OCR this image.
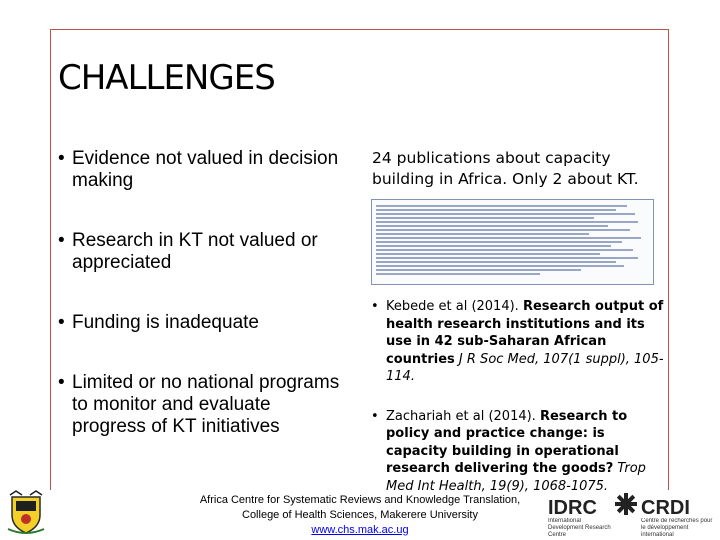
CHALLENGES
• Evidence not valued in decision making
• Research in KT not valued or appreciated
• Funding is inadequate
• Limited or no national programs to monitor and evaluate progress of KT initiatives
24 publications about capacity building in Africa. Only 2 about KT.
• Kebede et al (2014). Research output of health research institutions and its use in 42 sub-Saharan African countries J R Soc Med, 107(1 suppl), 105-114.
• Zachariah et al (2014). Research to policy and practice change: is capacity building in operational research delivering the goods? Trop Med Int Health, 19(9), 1068-1075.
Africa Centre for Systematic Reviews and Knowledge Translation,
College of Health Sciences, Makerere University
www.chs.mak.ac.ug
IDRC CRDI
International Development Research Centre
Centre de recherches pour le développement international
